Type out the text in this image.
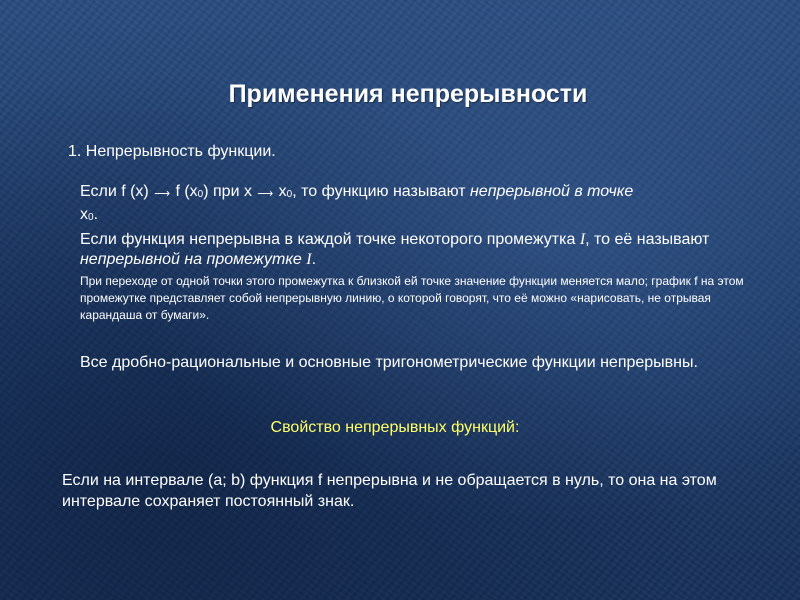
Применения непрерывности
1. Непрерывность функции.

Если f (x) ⟶ f (x0) при x ⟶ x0, то функцию называют непрерывной в точке
x0.

Если функция непрерывна в каждой точке некоторого промежутка I, то её называют непрерывной на промежутке I.

При переходе от одной точки этого промежутка к близкой ей точке значение функции меняется мало; график f на этом промежутке представляет собой непрерывную линию, о которой говорят, что её можно «нарисовать, не отрывая карандаша от бумаги».

Все дробно-рациональные и основные тригонометрические функции непрерывны.
Свойство непрерывных функций:
Если на интервале (a; b) функция f непрерывна и не обращается в нуль, то она на этом интервале сохраняет постоянный знак.
